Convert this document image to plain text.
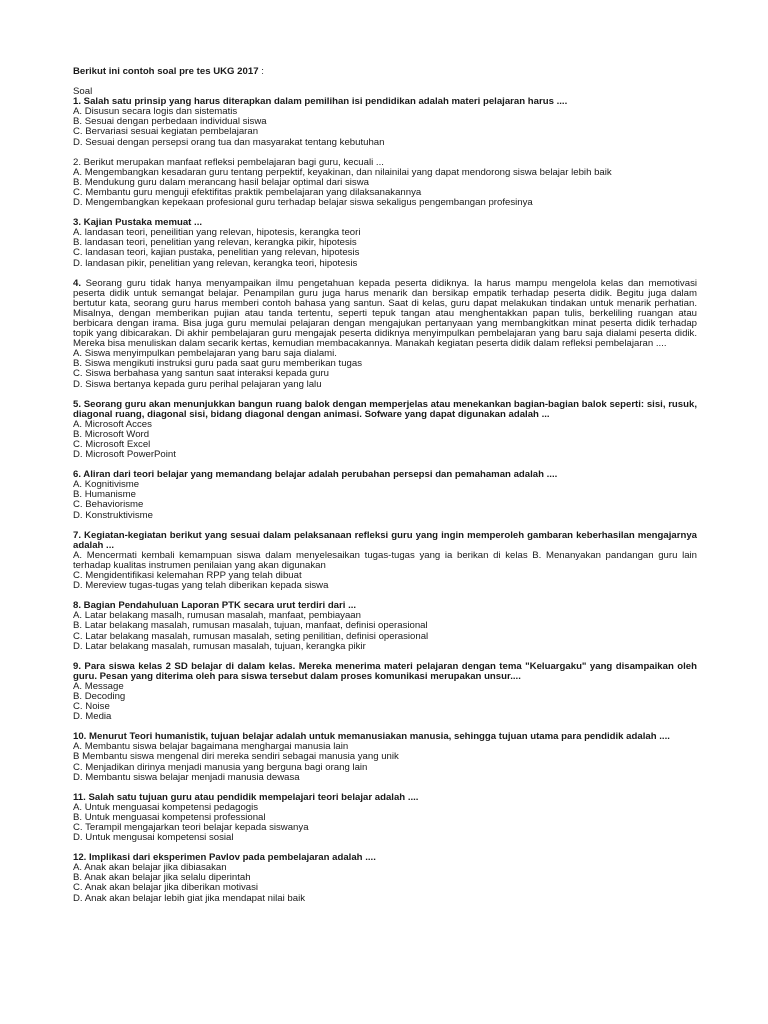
Berikut ini contoh soal pre tes UKG 2017 :
Soal
1. Salah satu prinsip yang harus diterapkan dalam pemilihan isi pendidikan adalah materi pelajaran harus ....
A. Disusun secara logis dan sistematis
B. Sesuai dengan perbedaan individual siswa
C. Bervariasi sesuai kegiatan pembelajaran
D. Sesuai dengan persepsi orang tua dan masyarakat tentang kebutuhan
2. Berikut merupakan manfaat refleksi pembelajaran bagi guru, kecuali ...
A. Mengembangkan kesadaran guru tentang perpektif, keyakinan, dan nilainilai yang dapat mendorong siswa belajar lebih baik
B. Mendukung guru dalam merancang hasil belajar optimal dari siswa
C. Membantu guru menguji efektifitas praktik pembelajaran yang dilaksanakannya
D. Mengembangkan kepekaan profesional guru terhadap belajar siswa sekaligus pengembangan profesinya
3. Kajian Pustaka memuat ...
A. landasan teori, peneilitian yang relevan, hipotesis, kerangka teori
B. landasan teori, penelitian yang relevan, kerangka pikir, hipotesis
C. landasan teori, kajian pustaka, penelitian yang relevan, hipotesis
D. landasan pikir, penelitian yang relevan, kerangka teori, hipotesis
4. Seorang guru tidak hanya menyampaikan ilmu pengetahuan kepada peserta didiknya. Ia harus mampu mengelola kelas dan memotivasi peserta didik untuk semangat belajar. Penampilan guru juga harus menarik dan bersikap empatik terhadap peserta didik. Begitu juga dalam bertutur kata, seorang guru harus memberi contoh bahasa yang santun. Saat di kelas, guru dapat melakukan tindakan untuk menarik perhatian. Misalnya, dengan memberikan pujian atau tanda tertentu, seperti tepuk tangan atau menghentakkan papan tulis, berkeliling ruangan atau berbicara dengan irama. Bisa juga guru memulai pelajaran dengan mengajukan pertanyaan yang membangkitkan minat peserta didik terhadap topik yang dibicarakan. Di akhir pembelajaran guru mengajak peserta didiknya menyimpulkan pembelajaran yang baru saja dialami peserta didik. Mereka bisa menuliskan dalam secarik kertas, kemudian membacakannya. Manakah kegiatan peserta didik dalam refleksi pembelajaran ....
A. Siswa menyimpulkan pembelajaran yang baru saja dialami.
B. Siswa mengikuti instruksi guru pada saat guru memberikan tugas
C. Siswa berbahasa yang santun saat interaksi kepada guru
D. Siswa bertanya kepada guru perihal pelajaran yang lalu
5. Seorang guru akan menunjukkan bangun ruang balok dengan memperjelas atau menekankan bagian-bagian balok seperti: sisi, rusuk, diagonal ruang, diagonal sisi, bidang diagonal dengan animasi. Sofware yang dapat digunakan adalah ...
A. Microsoft Acces
B. Microsoft Word
C. Microsoft Excel
D. Microsoft PowerPoint
6. Aliran dari teori belajar yang memandang belajar adalah perubahan persepsi dan pemahaman adalah ....
A. Kognitivisme
B. Humanisme
C. Behaviorisme
D. Konstruktivisme
7. Kegiatan-kegiatan berikut yang sesuai dalam pelaksanaan refleksi guru yang ingin memperoleh gambaran keberhasilan mengajarnya adalah ...
A. Mencermati kembali kemampuan siswa dalam menyelesaikan tugas-tugas yang ia berikan di kelas B. Menanyakan pandangan guru lain terhadap kualitas instrumen penilaian yang akan digunakan
C. Mengidentifikasi kelemahan RPP yang telah dibuat
D. Mereview tugas-tugas yang telah diberikan kepada siswa
8. Bagian Pendahuluan Laporan PTK secara urut terdiri dari ...
A. Latar belakang masalh, rumusan masalah, manfaat, pembiayaan
B. Latar belakang masalah, rumusan masalah, tujuan, manfaat, definisi operasional
C. Latar belakang masalah, rumusan masalah, seting penilitian, definisi operasional
D. Latar belakang masalah, rumusan masalah, tujuan, kerangka pikir
9. Para siswa kelas 2 SD belajar di dalam kelas. Mereka menerima materi pelajaran dengan tema "Keluargaku" yang disampaikan oleh guru. Pesan yang diterima oleh para siswa tersebut dalam proses komunikasi merupakan unsur....
A. Message
B. Decoding
C. Noise
D. Media
10. Menurut Teori humanistik, tujuan belajar adalah untuk memanusiakan manusia, sehingga tujuan utama para pendidik adalah ....
A. Membantu siswa belajar bagaimana menghargai manusia lain
B Membantu siswa mengenal diri mereka sendiri sebagai manusia yang unik
C. Menjadikan dirinya menjadi manusia yang berguna bagi orang lain
D. Membantu siswa belajar menjadi manusia dewasa
11. Salah satu tujuan guru atau pendidik mempelajari teori belajar adalah ....
A. Untuk menguasai kompetensi pedagogis
B. Untuk menguasai kompetensi professional
C. Terampil mengajarkan teori belajar kepada siswanya
D. Untuk mengusai kompetensi sosial
12. Implikasi dari eksperimen Pavlov pada pembelajaran adalah ....
A. Anak akan belajar jika dibiasakan
B. Anak akan belajar jika selalu diperintah
C. Anak akan belajar jika diberikan motivasi
D. Anak akan belajar lebih giat jika mendapat nilai baik
